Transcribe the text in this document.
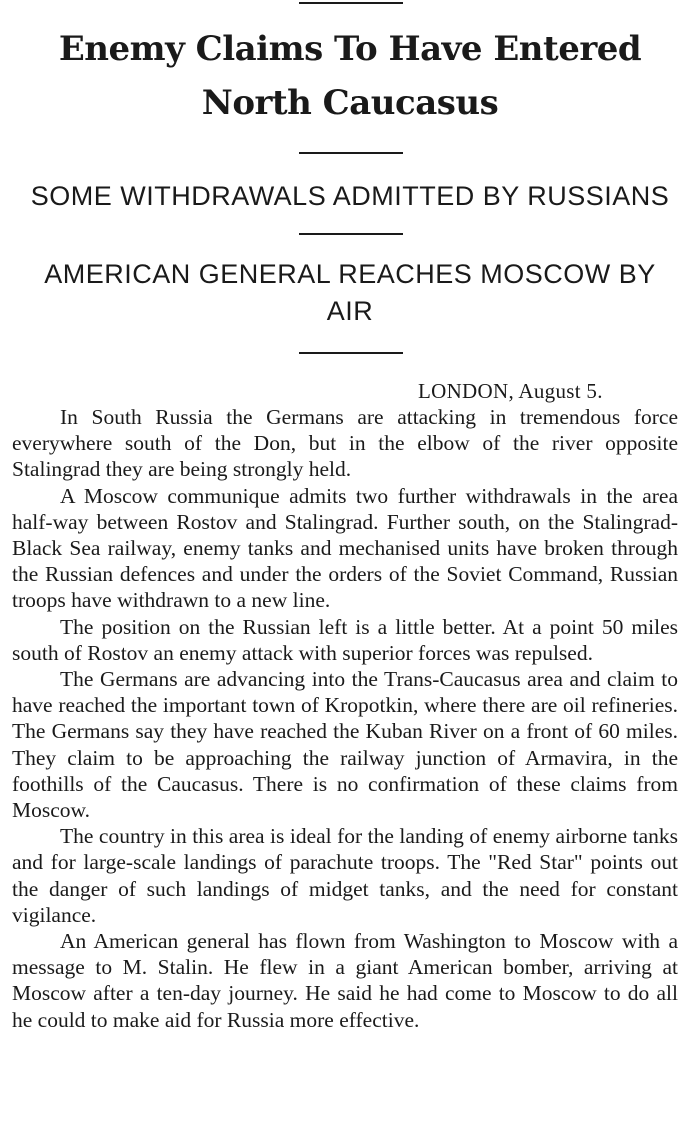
Enemy Claims To Have Entered North Caucasus
SOME WITHDRAWALS ADMITTED BY RUSSIANS
AMERICAN GENERAL REACHES MOSCOW BY AIR
LONDON, August 5.

In South Russia the Germans are attacking in tremendous force everywhere south of the Don, but in the elbow of the river opposite Stalingrad they are being strongly held.

A Moscow communique admits two further withdrawals in the area half-way between Rostov and Stalingrad. Further south, on the Stalingrad-Black Sea railway, enemy tanks and mechanised units have broken through the Russian defences and under the orders of the Soviet Command, Russian troops have withdrawn to a new line.

The position on the Russian left is a little better. At a point 50 miles south of Rostov an enemy attack with superior forces was repulsed.

The Germans are advancing into the Trans-Caucasus area and claim to have reached the important town of Kropotkin, where there are oil refineries. The Germans say they have reached the Kuban River on a front of 60 miles. They claim to be approaching the railway junction of Armavira, in the foothills of the Caucasus. There is no confirmation of these claims from Moscow.

The country in this area is ideal for the landing of enemy airborne tanks and for large-scale landings of parachute troops. The "Red Star" points out the danger of such landings of midget tanks, and the need for constant vigilance.

An American general has flown from Washington to Moscow with a message to M. Stalin. He flew in a giant American bomber, arriving at Moscow after a ten-day journey. He said he had come to Moscow to do all he could to make aid for Russia more effective.
